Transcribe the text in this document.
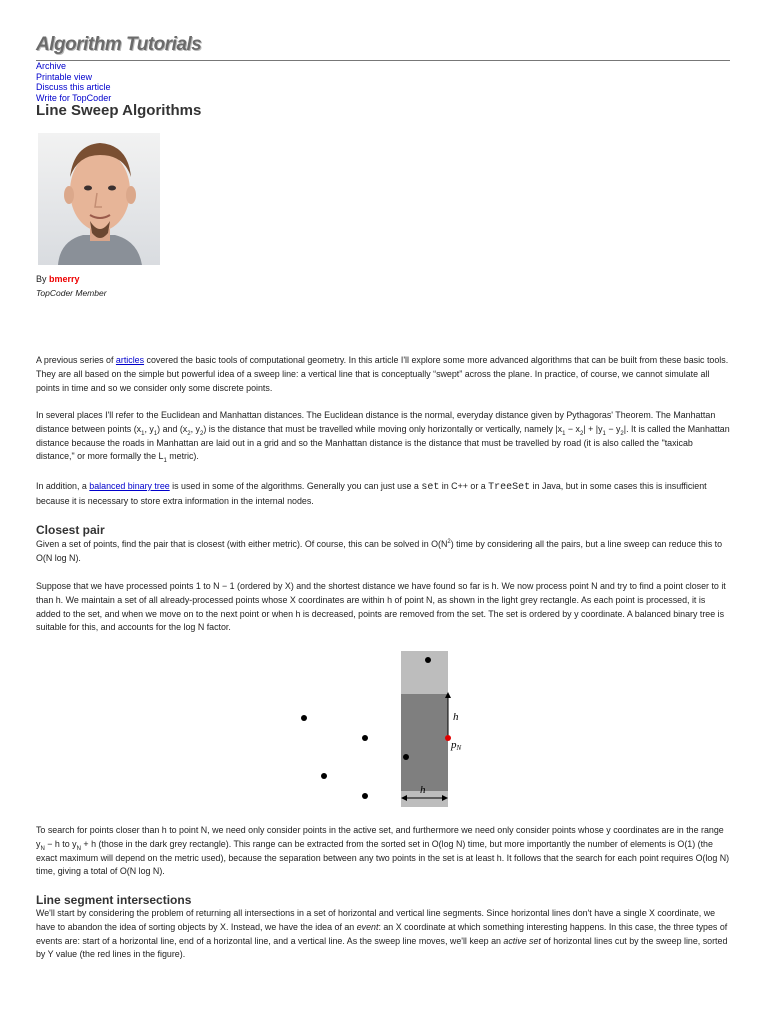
Algorithm Tutorials
Archive
Printable view
Discuss this article
Write for TopCoder
Line Sweep Algorithms
By bmerry
TopCoder Member

A previous series of articles covered the basic tools of computational geometry. In this article I'll explore some more advanced algorithms that can be built from these basic tools. They are all based on the simple but powerful idea of a sweep line: a vertical line that is conceptually “swept” across the plane. In practice, of course, we cannot simulate all points in time and so we consider only some discrete points.

In several places I'll refer to the Euclidean and Manhattan distances. The Euclidean distance is the normal, everyday distance given by Pythagoras' Theorem. The Manhattan distance between points ($x_1$, $y_1$) and ($x_2$, $y_2$) is the distance that must be travelled while moving only horizontally or vertically, namely $|x_1 - x_2| + |y_1 - y_2|$. It is called the Manhattan distance because the roads in Manhattan are laid out in a grid and so the Manhattan distance is the distance that must be travelled by road (it is also called the "taxicab distance," or more formally the $L_1$ metric).

In addition, a balanced binary tree is used in some of the algorithms. Generally you can just use a set in C++ or a TreeSet in Java, but in some cases this is insufficient because it is necessary to store extra information in the internal nodes.

Closest pair

Given a set of points, find the pair that is closest (with either metric). Of course, this can be solved in $O(N^2)$ time by considering all the pairs, but a line sweep can reduce this to O(N log N).

Suppose that we have processed points 1 to N − 1 (ordered by X) and the shortest distance we have found so far is h. We now process point N and try to find a point closer to it than h. We maintain a set of all already-processed points whose X coordinates are within h of point N, as shown in the light grey rectangle. As each point is processed, it is added to the set, and when we move on to the next point or when h is decreased, points are removed from the set. The set is ordered by y coordinate. A balanced binary tree is suitable for this, and accounts for the log N factor.

h
pN
h

To search for points closer than h to point N, we need only consider points in the active set, and furthermore we need only consider points whose y coordinates are in the range $y_N - h$ to $y_N + h$ (those in the dark grey rectangle). This range can be extracted from the sorted set in O(log N) time, but more importantly the number of elements is O(1) (the exact maximum will depend on the metric used), because the separation between any two points in the set is at least h. It follows that the search for each point requires O(log N) time, giving a total of O(N log N).

Line segment intersections

We'll start by considering the problem of returning all intersections in a set of horizontal and vertical line segments. Since horizontal lines don't have a single X coordinate, we have to abandon the idea of sorting objects by X. Instead, we have the idea of an event: an X coordinate at which something interesting happens. In this case, the three types of events are: start of a horizontal line, end of a horizontal line, and a vertical line. As the sweep line moves, we'll keep an active set of horizontal lines cut by the sweep line, sorted by Y value (the red lines in the figure).
